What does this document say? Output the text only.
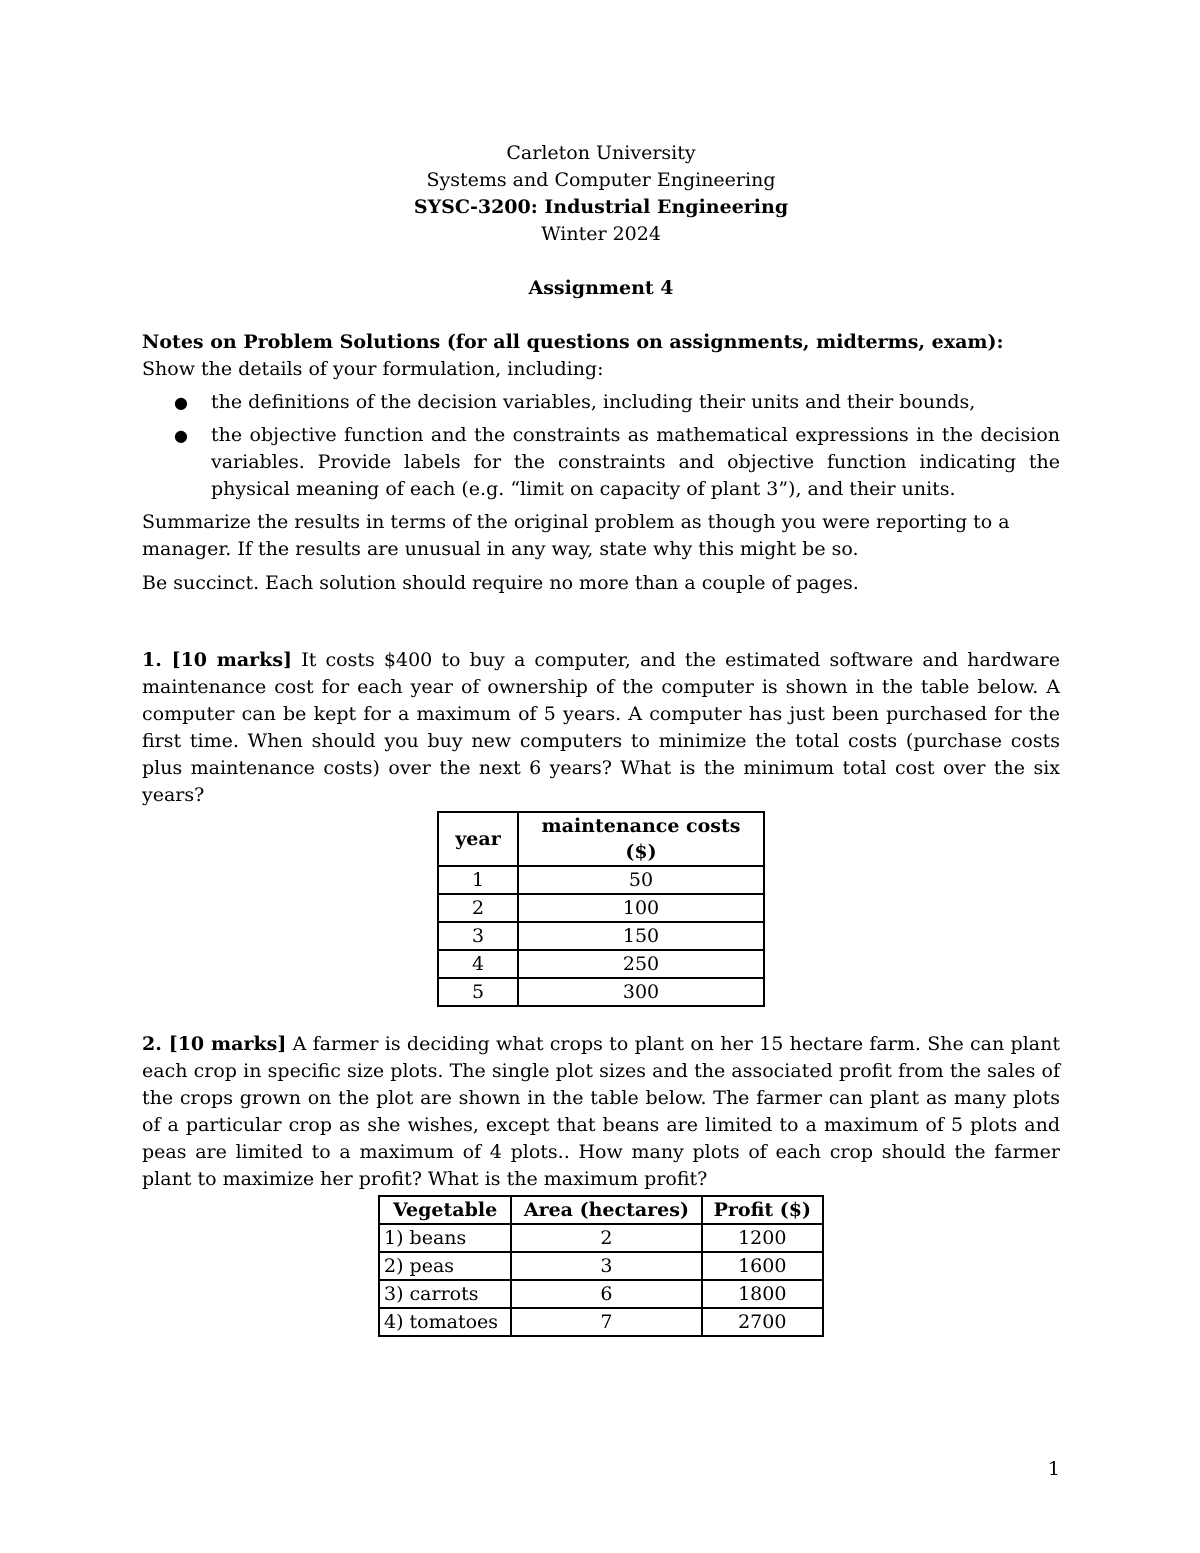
Carleton University
Systems and Computer Engineering
SYSC-3200: Industrial Engineering
Winter 2024
Assignment 4
Notes on Problem Solutions (for all questions on assignments, midterms, exam):
Show the details of your formulation, including:
● the definitions of the decision variables, including their units and their bounds,
● the objective function and the constraints as mathematical expressions in the decision variables. Provide labels for the constraints and objective function indicating the physical meaning of each (e.g. “limit on capacity of plant 3”), and their units.
Summarize the results in terms of the original problem as though you were reporting to a manager. If the results are unusual in any way, state why this might be so.
Be succinct. Each solution should require no more than a couple of pages.
1. [10 marks] It costs $400 to buy a computer, and the estimated software and hardware maintenance cost for each year of ownership of the computer is shown in the table below. A computer can be kept for a maximum of 5 years. A computer has just been purchased for the first time. When should you buy new computers to minimize the total costs (purchase costs plus maintenance costs) over the next 6 years? What is the minimum total cost over the six years?
year	maintenance costs ($)
1	50
2	100
3	150
4	250
5	300
2. [10 marks] A farmer is deciding what crops to plant on her 15 hectare farm. She can plant each crop in specific size plots. The single plot sizes and the associated profit from the sales of the crops grown on the plot are shown in the table below. The farmer can plant as many plots of a particular crop as she wishes, except that beans are limited to a maximum of 5 plots and peas are limited to a maximum of 4 plots.. How many plots of each crop should the farmer plant to maximize her profit? What is the maximum profit?
Vegetable	Area (hectares)	Profit ($)
1) beans	2	1200
2) peas	3	1600
3) carrots	6	1800
4) tomatoes	7	2700
1
